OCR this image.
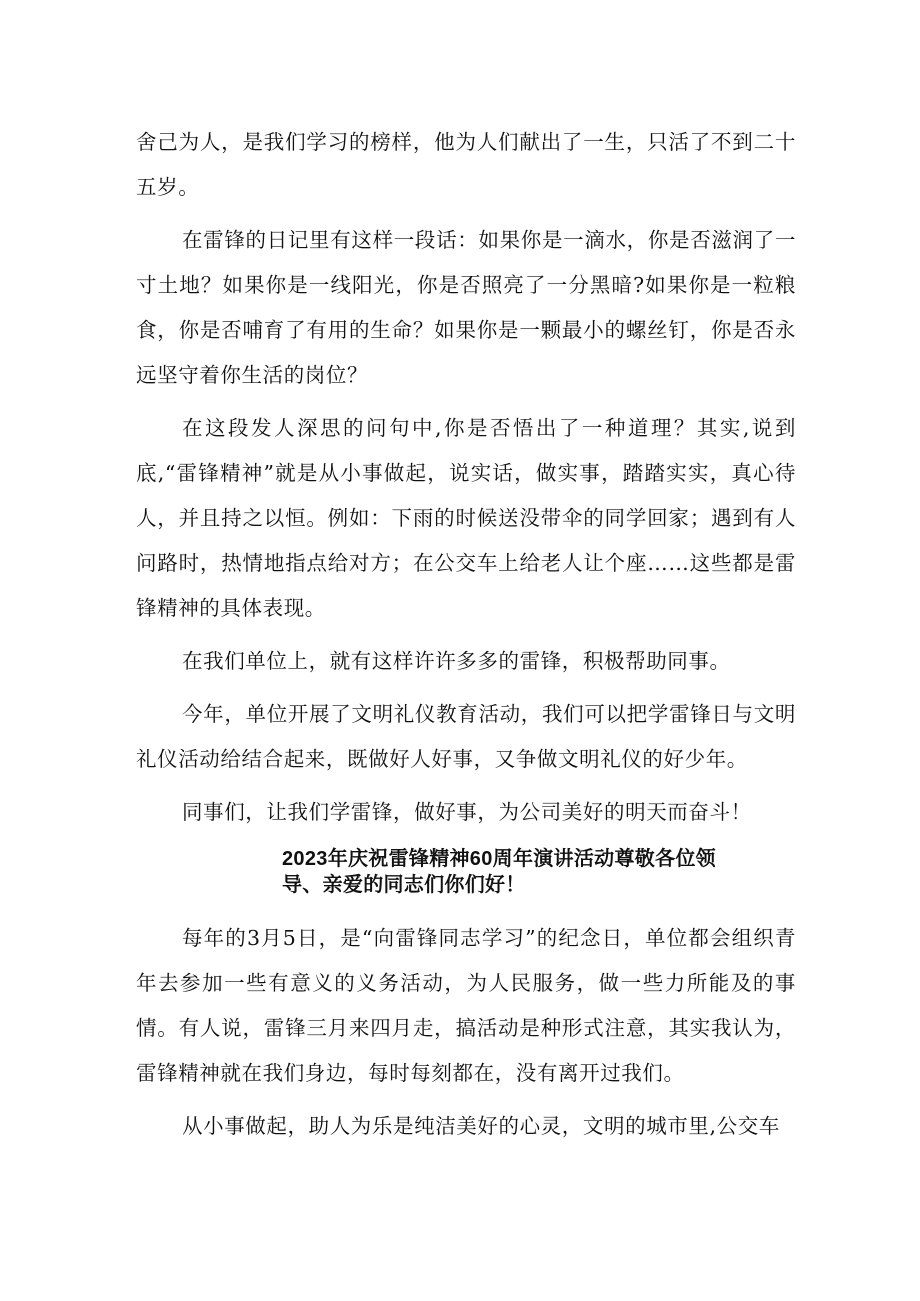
舍己为人，是我们学习的榜样，他为人们献出了一生，只活了不到二十五岁。

在雷锋的日记里有这样一段话：如果你是一滴水，你是否滋润了一寸土地？如果你是一线阳光，你是否照亮了一分黑暗?如果你是一粒粮食，你是否哺育了有用的生命？如果你是一颗最小的螺丝钉，你是否永远坚守着你生活的岗位？

在这段发人深思的问句中,你是否悟出了一种道理？其实,说到底,“雷锋精神”就是从小事做起，说实话，做实事，踏踏实实，真心待人，并且持之以恒。例如：下雨的时候送没带伞的同学回家；遇到有人问路时，热情地指点给对方；在公交车上给老人让个座……这些都是雷锋精神的具体表现。

在我们单位上，就有这样许许多多的雷锋，积极帮助同事。

今年，单位开展了文明礼仪教育活动，我们可以把学雷锋日与文明礼仪活动给结合起来，既做好人好事，又争做文明礼仪的好少年。

同事们，让我们学雷锋，做好事，为公司美好的明天而奋斗！

2023年庆祝雷锋精神60周年演讲活动尊敬各位领
导、亲爱的同志们你们好！

每年的3月5日，是“向雷锋同志学习”的纪念日，单位都会组织青年去参加一些有意义的义务活动，为人民服务，做一些力所能及的事情。有人说，雷锋三月来四月走，搞活动是种形式注意，其实我认为，雷锋精神就在我们身边，每时每刻都在，没有离开过我们。

从小事做起，助人为乐是纯洁美好的心灵，文明的城市里,公交车
